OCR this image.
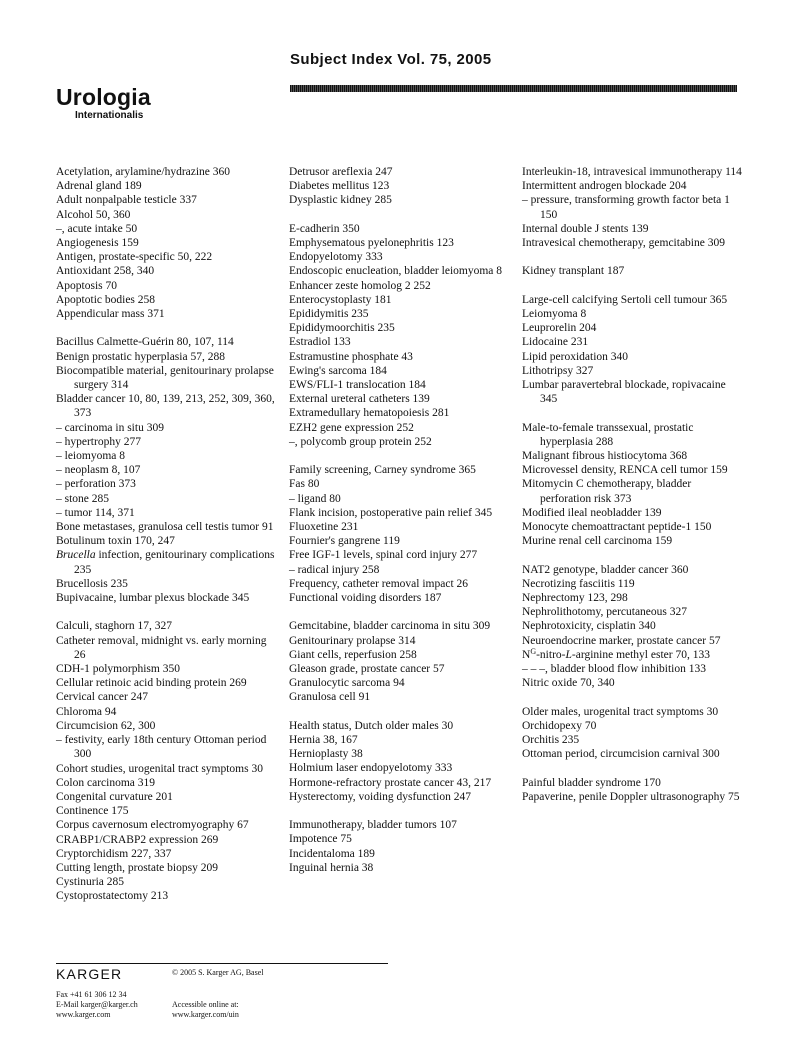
Subject Index Vol. 75, 2005
Urologia
Internationalis
Acetylation, arylamine/hydrazine 360
Adrenal gland 189
Adult nonpalpable testicle 337
Alcohol 50, 360
–, acute intake 50
Angiogenesis 159
Antigen, prostate-specific 50, 222
Antioxidant 258, 340
Apoptosis 70
Apoptotic bodies 258
Appendicular mass 371
Bacillus Calmette-Guérin 80, 107, 114
Benign prostatic hyperplasia 57, 288
Biocompatible material, genitourinary prolapse surgery 314
Bladder cancer 10, 80, 139, 213, 252, 309, 360, 373
– carcinoma in situ 309
– hypertrophy 277
– leiomyoma 8
– neoplasm 8, 107
– perforation 373
– stone 285
– tumor 114, 371
Bone metastases, granulosa cell testis tumor 91
Botulinum toxin 170, 247
Brucella infection, genitourinary complications 235
Brucellosis 235
Bupivacaine, lumbar plexus blockade 345
Calculi, staghorn 17, 327
Catheter removal, midnight vs. early morning 26
CDH-1 polymorphism 350
Cellular retinoic acid binding protein 269
Cervical cancer 247
Chloroma 94
Circumcision 62, 300
– festivity, early 18th century Ottoman period 300
Cohort studies, urogenital tract symptoms 30
Colon carcinoma 319
Congenital curvature 201
Continence 175
Corpus cavernosum electromyography 67
CRABP1/CRABP2 expression 269
Cryptorchidism 227, 337
Cutting length, prostate biopsy 209
Cystinuria 285
Cystoprostatectomy 213
Detrusor areflexia 247
Diabetes mellitus 123
Dysplastic kidney 285
E-cadherin 350
Emphysematous pyelonephritis 123
Endopyelotomy 333
Endoscopic enucleation, bladder leiomyoma 8
Enhancer zeste homolog 2 252
Enterocystoplasty 181
Epididymitis 235
Epididymoorchitis 235
Estradiol 133
Estramustine phosphate 43
Ewing's sarcoma 184
EWS/FLI-1 translocation 184
External ureteral catheters 139
Extramedullary hematopoiesis 281
EZH2 gene expression 252
–, polycomb group protein 252
Family screening, Carney syndrome 365
Fas 80
– ligand 80
Flank incision, postoperative pain relief 345
Fluoxetine 231
Fournier's gangrene 119
Free IGF-1 levels, spinal cord injury 277
– radical injury 258
Frequency, catheter removal impact 26
Functional voiding disorders 187
Gemcitabine, bladder carcinoma in situ 309
Genitourinary prolapse 314
Giant cells, reperfusion 258
Gleason grade, prostate cancer 57
Granulocytic sarcoma 94
Granulosa cell 91
Health status, Dutch older males 30
Hernia 38, 167
Hernioplasty 38
Holmium laser endopyelotomy 333
Hormone-refractory prostate cancer 43, 217
Hysterectomy, voiding dysfunction 247
Immunotherapy, bladder tumors 107
Impotence 75
Incidentaloma 189
Inguinal hernia 38
Interleukin-18, intravesical immunotherapy 114
Intermittent androgen blockade 204
– pressure, transforming growth factor beta 1 150
Internal double J stents 139
Intravesical chemotherapy, gemcitabine 309
Kidney transplant 187
Large-cell calcifying Sertoli cell tumour 365
Leiomyoma 8
Leuprorelin 204
Lidocaine 231
Lipid peroxidation 340
Lithotripsy 327
Lumbar paravertebral blockade, ropivacaine 345
Male-to-female transsexual, prostatic hyperplasia 288
Malignant fibrous histiocytoma 368
Microvessel density, RENCA cell tumor 159
Mitomycin C chemotherapy, bladder perforation risk 373
Modified ileal neobladder 139
Monocyte chemoattractant peptide-1 150
Murine renal cell carcinoma 159
NAT2 genotype, bladder cancer 360
Necrotizing fasciitis 119
Nephrectomy 123, 298
Nephrolithotomy, percutaneous 327
Nephrotoxicity, cisplatin 340
Neuroendocrine marker, prostate cancer 57
$N^G-nitro-L$-arginine methyl ester 70, 133
– – –, bladder blood flow inhibition 133
Nitric oxide 70, 340
Older males, urogenital tract symptoms 30
Orchidopexy 70
Orchitis 235
Ottoman period, circumcision carnival 300
Painful bladder syndrome 170
Papaverine, penile Doppler ultrasonography 75
KARGER	© 2005 S. Karger AG, Basel
Fax +41 61 306 12 34
E-Mail karger@karger.ch
www.karger.com
Accessible online at:
www.karger.com/uin
